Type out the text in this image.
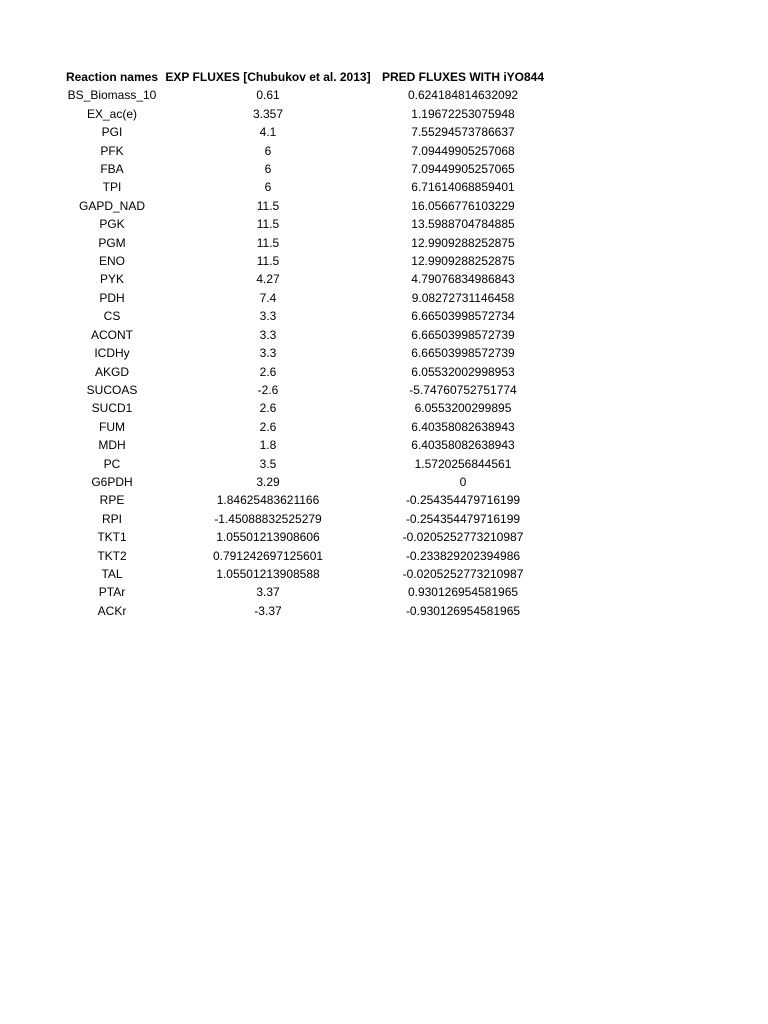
Reaction names	EXP FLUXES [Chubukov et al. 2013]	PRED FLUXES WITH iYO844
BS_Biomass_10	0.61	0.624184814632092
EX_ac(e)	3.357	1.19672253075948
PGI	4.1	7.55294573786637
PFK	6	7.09449905257068
FBA	6	7.09449905257065
TPI	6	6.71614068859401
GAPD_NAD	11.5	16.0566776103229
PGK	11.5	13.5988704784885
PGM	11.5	12.9909288252875
ENO	11.5	12.9909288252875
PYK	4.27	4.79076834986843
PDH	7.4	9.08272731146458
CS	3.3	6.66503998572734
ACONT	3.3	6.66503998572739
ICDHy	3.3	6.66503998572739
AKGD	2.6	6.05532002998953
SUCOAS	-2.6	-5.74760752751774
SUCD1	2.6	6.0553200299895
FUM	2.6	6.40358082638943
MDH	1.8	6.40358082638943
PC	3.5	1.5720256844561
G6PDH	3.29	0
RPE	1.84625483621166	-0.254354479716199
RPI	-1.45088832525279	-0.254354479716199
TKT1	1.05501213908606	-0.0205252773210987
TKT2	0.791242697125601	-0.233829202394986
TAL	1.05501213908588	-0.0205252773210987
PTAr	3.37	0.930126954581965
ACKr	-3.37	-0.930126954581965
